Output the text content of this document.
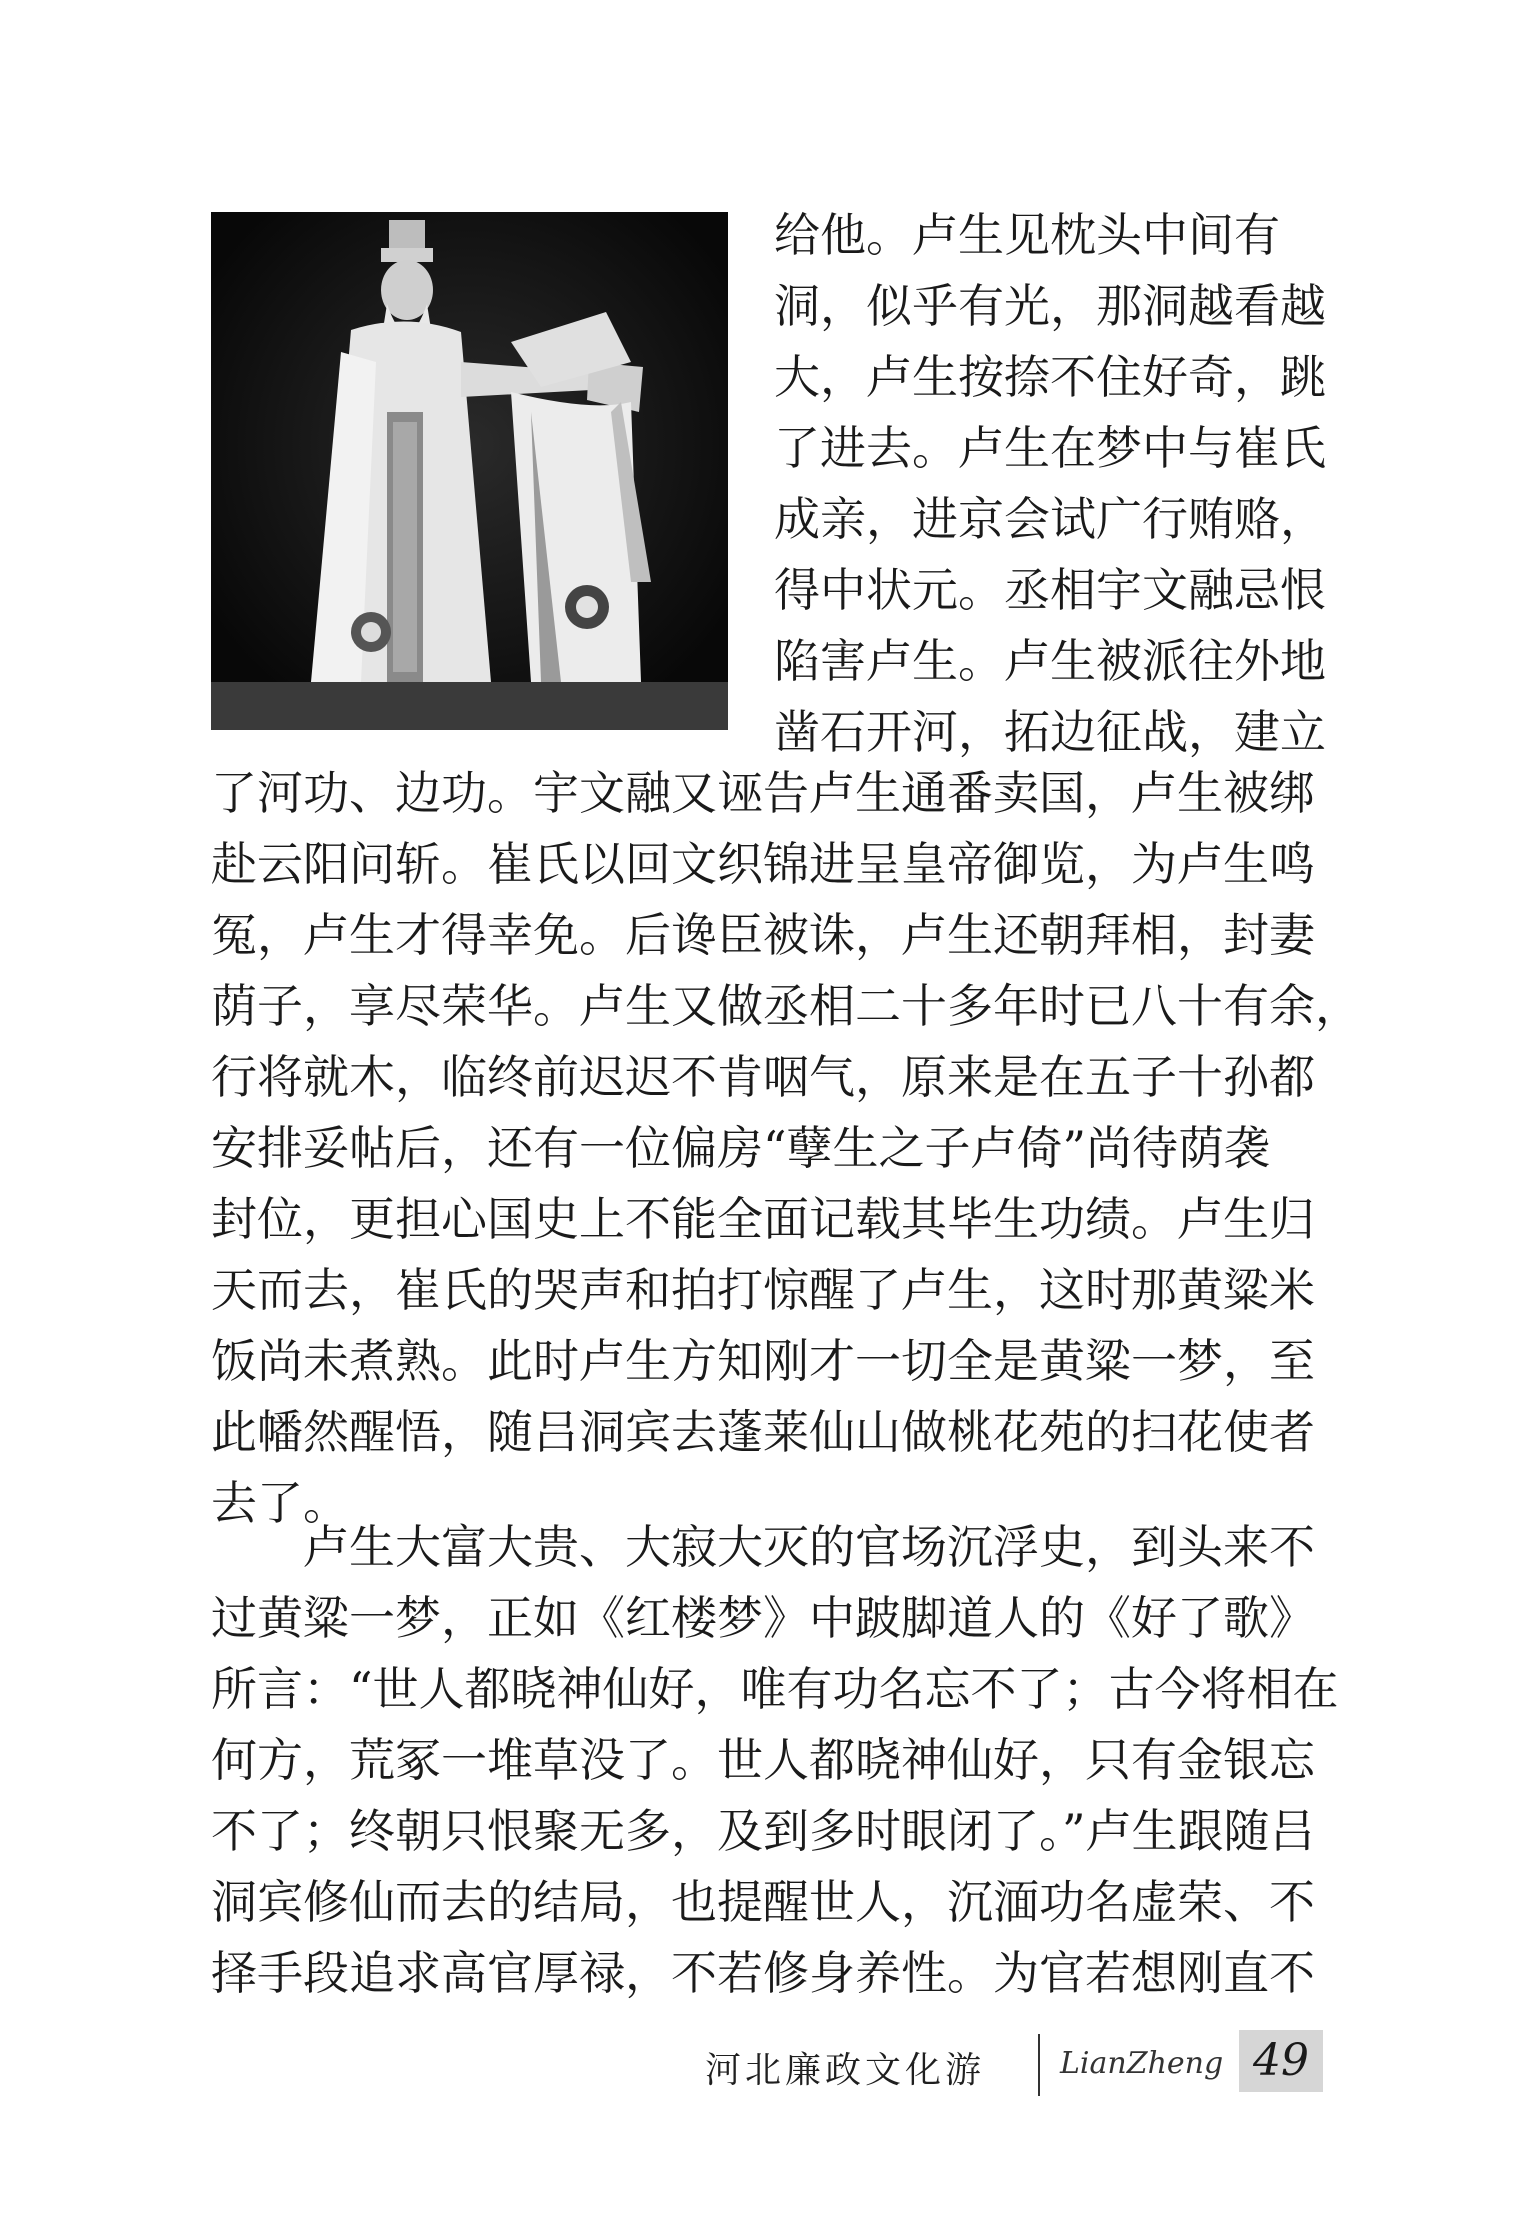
给他。卢生见枕头中间有
洞，似乎有光，那洞越看越
大，卢生按捺不住好奇，跳
了进去。卢生在梦中与崔氏
成亲，进京会试广行贿赂，
得中状元。丞相宇文融忌恨
陷害卢生。卢生被派往外地
凿石开河，拓边征战，建立
了河功、边功。宇文融又诬告卢生通番卖国，卢生被绑
赴云阳问斩。崔氏以回文织锦进呈皇帝御览，为卢生鸣
冤，卢生才得幸免。后谗臣被诛，卢生还朝拜相，封妻
荫子，享尽荣华。卢生又做丞相二十多年时已八十有余，
行将就木，临终前迟迟不肯咽气，原来是在五子十孙都
安排妥帖后，还有一位偏房“孽生之子卢倚”尚待荫袭
封位，更担心国史上不能全面记载其毕生功绩。卢生归
天而去，崔氏的哭声和拍打惊醒了卢生，这时那黄粱米
饭尚未煮熟。此时卢生方知刚才一切全是黄粱一梦，至
此幡然醒悟，随吕洞宾去蓬莱仙山做桃花苑的扫花使者
去了。
卢生大富大贵、大寂大灭的官场沉浮史，到头来不
过黄粱一梦，正如《红楼梦》中跛脚道人的《好了歌》
所言：“世人都晓神仙好，唯有功名忘不了；古今将相在
何方，荒冢一堆草没了。世人都晓神仙好，只有金银忘
不了；终朝只恨聚无多，及到多时眼闭了。”卢生跟随吕
洞宾修仙而去的结局，也提醒世人，沉湎功名虚荣、不
择手段追求高官厚禄，不若修身养性。为官若想刚直不
河北廉政文化游 LianZheng 49
